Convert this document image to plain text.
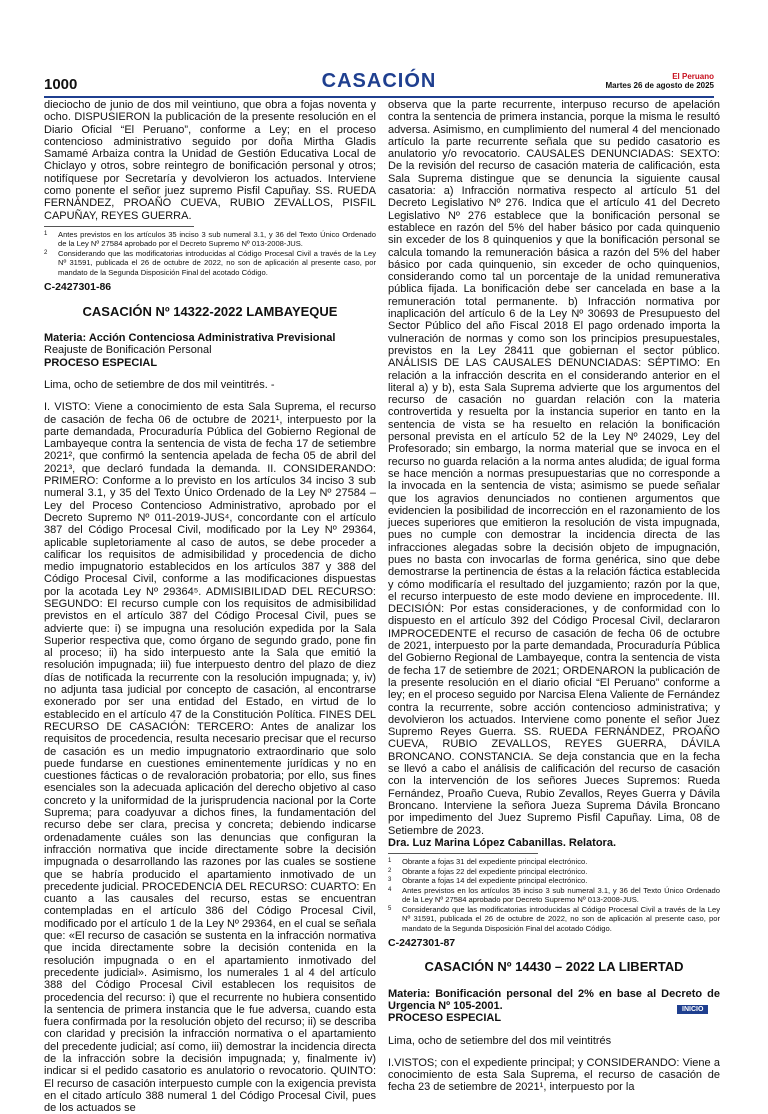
1000	CASACIÓN	El Peruano
Martes 26 de agosto de 2025

dieciocho de junio de dos mil veintiuno, que obra a fojas noventa y ocho. DISPUSIERON la publicación de la presente resolución en el Diario Oficial “El Peruano”, conforme a Ley; en el proceso contencioso administrativo seguido por doña Mirtha Gladis Samamé Arbaiza contra la Unidad de Gestión Educativa Local de Chiclayo y otros, sobre reintegro de bonificación personal y otros; notifíquese por Secretaría y devolvieron los actuados. Interviene como ponente el señor juez supremo Pisfil Capuñay. SS. RUEDA FERNÁNDEZ, PROAÑO CUEVA, RUBIO ZEVALLOS, PISFIL CAPUÑAY, REYES GUERRA.

1	Antes previstos en los artículos 35 inciso 3 sub numeral 3.1, y 36 del Texto Único Ordenado de la Ley Nº 27584 aprobado por el Decreto Supremo Nº 013-2008-JUS.
2	Considerando que las modificatorias introducidas al Código Procesal Civil a través de la Ley Nº 31591, publicada el 26 de octubre de 2022, no son de aplicación al presente caso, por mandato de la Segunda Disposición Final del acotado Código.
C-2427301-86
CASACIÓN Nº 14322-2022 LAMBAYEQUE

Materia: Acción Contenciosa Administrativa Previsional

Reajuste de Bonificación Personal

PROCESO ESPECIAL

Lima, ocho de setiembre de dos mil veintitrés. -

I. VISTO: Viene a conocimiento de esta Sala Suprema, el recurso de casación de fecha 06 de octubre de 2021¹, interpuesto por la parte demandada, Procuraduría Pública del Gobierno Regional de Lambayeque contra la sentencia de vista de fecha 17 de setiembre 2021², que confirmó la sentencia apelada de fecha 05 de abril del 2021³, que declaró fundada la demanda. II. CONSIDERANDO: PRIMERO: Conforme a lo previsto en los artículos 34 inciso 3 sub numeral 3.1, y 35 del Texto Único Ordenado de la Ley Nº 27584 – Ley del Proceso Contencioso Administrativo, aprobado por el Decreto Supremo Nº 011-2019-JUS⁴, concordante con el artículo 387 del Código Procesal Civil, modificado por la Ley Nº 29364, aplicable supletoriamente al caso de autos, se debe proceder a calificar los requisitos de admisibilidad y procedencia de dicho medio impugnatorio establecidos en los artículos 387 y 388 del Código Procesal Civil, conforme a las modificaciones dispuestas por la acotada Ley Nº 29364⁵. ADMISIBILIDAD DEL RECURSO: SEGUNDO: El recurso cumple con los requisitos de admisibilidad previstos en el artículo 387 del Código Procesal Civil, pues se advierte que: i) se impugna una resolución expedida por la Sala Superior respectiva que, como órgano de segundo grado, pone fin al proceso; ii) ha sido interpuesto ante la Sala que emitió la resolución impugnada; iii) fue interpuesto dentro del plazo de diez días de notificada la recurrente con la resolución impugnada; y, iv) no adjunta tasa judicial por concepto de casación, al encontrarse exonerado por ser una entidad del Estado, en virtud de lo establecido en el artículo 47 de la Constitución Política. FINES DEL RECURSO DE CASACIÓN: TERCERO: Antes de analizar los requisitos de procedencia, resulta necesario precisar que el recurso de casación es un medio impugnatorio extraordinario que solo puede fundarse en cuestiones eminentemente jurídicas y no en cuestiones fácticas o de revaloración probatoria; por ello, sus fines esenciales son la adecuada aplicación del derecho objetivo al caso concreto y la uniformidad de la jurisprudencia nacional por la Corte Suprema; para coadyuvar a dichos fines, la fundamentación del recurso debe ser clara, precisa y concreta; debiendo indicarse ordenadamente cuáles son las denuncias que configuran la infracción normativa que incide directamente sobre la decisión impugnada o desarrollando las razones por las cuales se sostiene que se habría producido el apartamiento inmotivado de un precedente judicial. PROCEDENCIA DEL RECURSO: CUARTO: En cuanto a las causales del recurso, estas se encuentran contempladas en el artículo 386 del Código Procesal Civil, modificado por el artículo 1 de la Ley Nº 29364, en el cual se señala que: «El recurso de casación se sustenta en la infracción normativa que incida directamente sobre la decisión contenida en la resolución impugnada o en el apartamiento inmotivado del precedente judicial». Asimismo, los numerales 1 al 4 del artículo 388 del Código Procesal Civil establecen los requisitos de procedencia del recurso: i) que el recurrente no hubiera consentido la sentencia de primera instancia que le fue adversa, cuando esta fuera confirmada por la resolución objeto del recurso; ii) se describa con claridad y precisión la infracción normativa o el apartamiento del precedente judicial; así como, iii) demostrar la incidencia directa de la infracción sobre la decisión impugnada; y, finalmente iv) indicar si el pedido casatorio es anulatorio o revocatorio. QUINTO: El recurso de casación interpuesto cumple con la exigencia prevista en el citado artículo 388 numeral 1 del Código Procesal Civil, pues de los actuados se

observa que la parte recurrente, interpuso recurso de apelación contra la sentencia de primera instancia, porque la misma le resultó adversa. Asimismo, en cumplimiento del numeral 4 del mencionado artículo la parte recurrente señala que su pedido casatorio es anulatorio y/o revocatorio. CAUSALES DENUNCIADAS: SEXTO: De la revisión del recurso de casación materia de calificación, esta Sala Suprema distingue que se denuncia la siguiente causal casatoria: a) Infracción normativa respecto al artículo 51 del Decreto Legislativo Nº 276. Indica que el artículo 41 del Decreto Legislativo Nº 276 establece que la bonificación personal se establece en razón del 5% del haber básico por cada quinquenio sin exceder de los 8 quinquenios y que la bonificación personal se calcula tomando la remuneración básica a razón del 5% del haber básico por cada quinquenio, sin exceder de ocho quinquenios, considerando como tal un porcentaje de la unidad remunerativa pública fijada. La bonificación debe ser cancelada en base a la remuneración total permanente. b) Infracción normativa por inaplicación del artículo 6 de la Ley Nº 30693 de Presupuesto del Sector Público del año Fiscal 2018 El pago ordenado importa la vulneración de normas y como son los principios presupuestales, previstos en la Ley 28411 que gobiernan el sector público. ANÁLISIS DE LAS CAUSALES DENUNCIADAS: SÉPTIMO: En relación a la infracción descrita en el considerando anterior en el literal a) y b), esta Sala Suprema advierte que los argumentos del recurso de casación no guardan relación con la materia controvertida y resuelta por la instancia superior en tanto en la sentencia de vista se ha resuelto en relación la bonificación personal prevista en el artículo 52 de la Ley Nº 24029, Ley del Profesorado; sin embargo, la norma material que se invoca en el recurso no guarda relación a la norma antes aludida; de igual forma se hace mención a normas presupuestarias que no corresponde a la invocada en la sentencia de vista; asimismo se puede señalar que los agravios denunciados no contienen argumentos que evidencien la posibilidad de incorrección en el razonamiento de los jueces superiores que emitieron la resolución de vista impugnada, pues no cumple con demostrar la incidencia directa de las infracciones alegadas sobre la decisión objeto de impugnación, pues no basta con invocarlas de forma genérica, sino que debe demostrarse la pertinencia de éstas a la relación fáctica establecida y cómo modificaría el resultado del juzgamiento; razón por la que, el recurso interpuesto de este modo deviene en improcedente. III. DECISIÓN: Por estas consideraciones, y de conformidad con lo dispuesto en el artículo 392 del Código Procesal Civil, declararon IMPROCEDENTE el recurso de casación de fecha 06 de octubre de 2021, interpuesto por la parte demandada, Procuraduría Pública del Gobierno Regional de Lambayeque, contra la sentencia de vista de fecha 17 de setiembre de 2021; ORDENARON la publicación de la presente resolución en el diario oficial “El Peruano” conforme a ley; en el proceso seguido por Narcisa Elena Valiente de Fernández contra la recurrente, sobre acción contencioso administrativa; y devolvieron los actuados. Interviene como ponente el señor Juez Supremo Reyes Guerra. SS. RUEDA FERNÁNDEZ, PROAÑO CUEVA, RUBIO ZEVALLOS, REYES GUERRA, DÁVILA BRONCANO. CONSTANCIA. Se deja constancia que en la fecha se llevó a cabo el análisis de calificación del recurso de casación con la intervención de los señores Jueces Supremos: Rueda Fernández, Proaño Cueva, Rubio Zevallos, Reyes Guerra y Dávila Broncano. Interviene la señora Jueza Suprema Dávila Broncano por impedimento del Juez Supremo Pisfil Capuñay. Lima, 08 de Setiembre de 2023.

Dra. Luz Marina López Cabanillas. Relatora.

1	Obrante a fojas 31 del expediente principal electrónico.
2	Obrante a fojas 22 del expediente principal electrónico.
3	Obrante a fojas 14 del expediente principal electrónico.
4	Antes previstos en los artículos 35 inciso 3 sub numeral 3.1, y 36 del Texto Único Ordenado de la Ley Nº 27584 aprobado por Decreto Supremo Nº 013-2008-JUS.
5	Considerando que las modificatorias introducidas al Código Procesal Civil a través de la Ley Nº 31591, publicada el 26 de octubre de 2022, no son de aplicación al presente caso, por mandato de la Segunda Disposición Final del acotado Código.
C-2427301-87
CASACIÓN Nº 14430 – 2022 LA LIBERTAD

Materia: Bonificación personal del 2% en base al Decreto de Urgencia Nº 105-2001.

PROCESO ESPECIAL

Lima, ocho de setiembre del dos mil veintitrés

I.VISTOS; con el expediente principal; y CONSIDERANDO: Viene a conocimiento de esta Sala Suprema, el recurso de casación de fecha 23 de setiembre de 2021¹, interpuesto por la

INICIO
